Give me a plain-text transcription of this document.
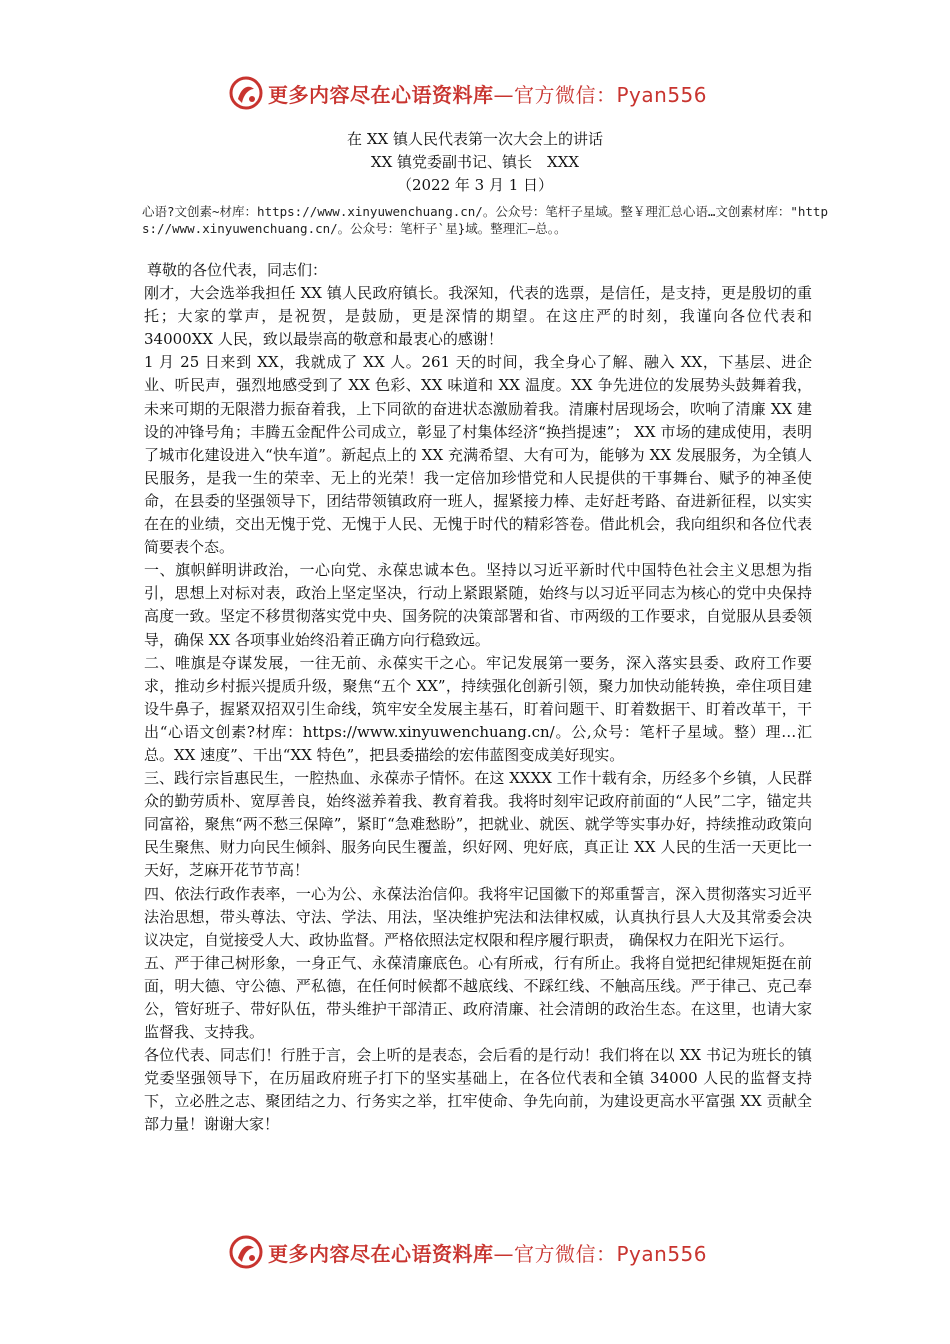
更多内容尽在心语资料库—官方微信：Pyan556
在 XX 镇人民代表第一次大会上的讲话
XX 镇党委副书记、镇长　XXX
（2022 年 3 月 1 日）
心语?文创素~材库：https://www.xinyuwenchuang.cn/。公众号：笔杆子星域。整￥理汇总心语…文创素材库："https://www.xinyuwenchuang.cn/。公众号：笔杆子`星}域。整理汇—总。。

尊敬的各位代表，同志们：

刚才，大会选举我担任 XX 镇人民政府镇长。我深知，代表的选票，是信任，是支持，更是殷切的重托；大家的掌声，是祝贺，是鼓励，更是深情的期望。在这庄严的时刻，我谨向各位代表和 34000XX 人民，致以最崇高的敬意和最衷心的感谢！

1 月 25 日来到 XX，我就成了 XX 人。261 天的时间，我全身心了解、融入 XX，下基层、进企业、听民声，强烈地感受到了 XX 色彩、XX 味道和 XX 温度。XX 争先进位的发展势头鼓舞着我，未来可期的无限潜力振奋着我，上下同欲的奋进状态激励着我。清廉村居现场会，吹响了清廉 XX 建设的冲锋号角；丰腾五金配件公司成立，彰显了村集体经济“换挡提速”； XX 市场的建成使用，表明了城市化建设进入“快车道”。新起点上的 XX 充满希望、大有可为，能够为 XX 发展服务，为全镇人民服务，是我一生的荣幸、无上的光荣！我一定倍加珍惜党和人民提供的干事舞台、赋予的神圣使命，在县委的坚强领导下，团结带领镇政府一班人，握紧接力棒、走好赶考路、奋进新征程，以实实在在的业绩，交出无愧于党、无愧于人民、无愧于时代的精彩答卷。借此机会，我向组织和各位代表简要表个态。

一、旗帜鲜明讲政治，一心向党、永葆忠诚本色。坚持以习近平新时代中国特色社会主义思想为指引，思想上对标对表，政治上坚定坚决，行动上紧跟紧随，始终与以习近平同志为核心的党中央保持高度一致。坚定不移贯彻落实党中央、国务院的决策部署和省、市两级的工作要求，自觉服从县委领导，确保 XX 各项事业始终沿着正确方向行稳致远。

二、唯旗是夺谋发展，一往无前、永葆实干之心。牢记发展第一要务，深入落实县委、政府工作要求，推动乡村振兴提质升级，聚焦“五个 XX”，持续强化创新引领，聚力加快动能转换，牵住项目建设牛鼻子，握紧双招双引生命线，筑牢安全发展主基石，盯着问题干、盯着数据干、盯着改革干，干出“心语文创素?材库：https://www.xinyuwenchuang.cn/。公,众号：笔杆子星域。整）理…汇总。XX 速度”、干出“XX 特色”，把县委描绘的宏伟蓝图变成美好现实。

三、践行宗旨惠民生，一腔热血、永葆赤子情怀。在这 XXXX 工作十载有余，历经多个乡镇，人民群众的勤劳质朴、宽厚善良，始终滋养着我、教育着我。我将时刻牢记政府前面的“人民”二字，锚定共同富裕，聚焦“两不愁三保障”，紧盯“急难愁盼”，把就业、就医、就学等实事办好，持续推动政策向民生聚焦、财力向民生倾斜、服务向民生覆盖，织好网、兜好底，真正让 XX 人民的生活一天更比一天好，芝麻开花节节高！

四、依法行政作表率，一心为公、永葆法治信仰。我将牢记国徽下的郑重誓言，深入贯彻落实习近平法治思想，带头尊法、守法、学法、用法，坚决维护宪法和法律权威，认真执行县人大及其常委会决议决定，自觉接受人大、政协监督。严格依照法定权限和程序履行职责， 确保权力在阳光下运行。

五、严于律己树形象，一身正气、永葆清廉底色。心有所戒，行有所止。我将自觉把纪律规矩挺在前面，明大德、守公德、严私德，在任何时候都不越底线、不踩红线、不触高压线。严于律己、克己奉公，管好班子、带好队伍，带头维护干部清正、政府清廉、社会清朗的政治生态。在这里，也请大家监督我、支持我。

各位代表、同志们！行胜于言，会上听的是表态，会后看的是行动！我们将在以 XX 书记为班长的镇党委坚强领导下，在历届政府班子打下的坚实基础上，在各位代表和全镇 34000 人民的监督支持下，立必胜之志、聚团结之力、行务实之举，扛牢使命、争先向前，为建设更高水平富强 XX 贡献全部力量！谢谢大家！

更多内容尽在心语资料库—官方微信：Pyan556
